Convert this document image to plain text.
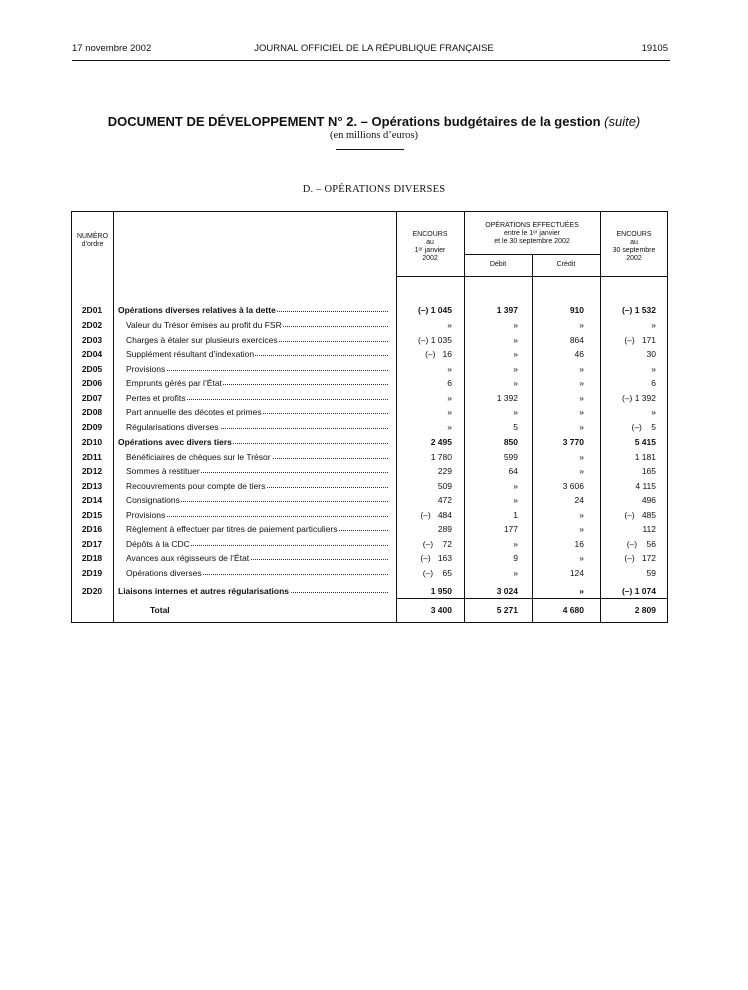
17 novembre 2002	JOURNAL OFFICIEL DE LA RÉPUBLIQUE FRANÇAISE	19105
DOCUMENT DE DÉVELOPPEMENT N° 2. – Opérations budgétaires de la gestion (suite)
(en millions d’euros)
D. – OPÉRATIONS DIVERSES
NUMÉRO
d’ordre
ENCOURS
au
1ᵉʳ janvier
2002
OPÉRATIONS EFFECTUÉES
entre le 1ᵉʳ janvier
et le 30 septembre 2002
Débit	Crédit
ENCOURS
au
30 septembre
2002
2D01	Opérations diverses relatives à la dette	(–) 1 045	1 397	910	(–) 1 532
2D02	Valeur du Trésor émises au profit du FSR	»	»	»	»
2D03	Charges à étaler sur plusieurs exercices	(–) 1 035	»	864	(–)   171
2D04	Supplément résultant d’indexation	(–)   16	»	46	30
2D05	Provisions	»	»	»	»
2D06	Emprunts gérés par l’État	6	»	»	6
2D07	Pertes et profits	»	1 392	»	(–) 1 392
2D08	Part annuelle des décotes et primes	»	»	»	»
2D09	Régularisations diverses	»	5	»	(–)    5
2D10	Opérations avec divers tiers	2 495	850	3 770	5 415
2D11	Bénéficiaires de chèques sur le Trésor	1 780	599	»	1 181
2D12	Sommes à restituer	229	64	»	165
2D13	Recouvrements pour compte de tiers	509	»	3 606	4 115
2D14	Consignations	472	»	24	496
2D15	Provisions	(–)   484	1	»	(–)   485
2D16	Règlement à effectuer par titres de paiement particuliers	289	177	»	112
2D17	Dépôts à la CDC	(–)    72	»	16	(–)    56
2D18	Avances aux régisseurs de l’État	(–)   163	9	»	(–)   172
2D19	Opérations diverses	(–)    65	»	124	59
2D20	Liaisons internes et autres régularisations	1 950	3 024	»	(–) 1 074
Total	3 400	5 271	4 680	2 809
